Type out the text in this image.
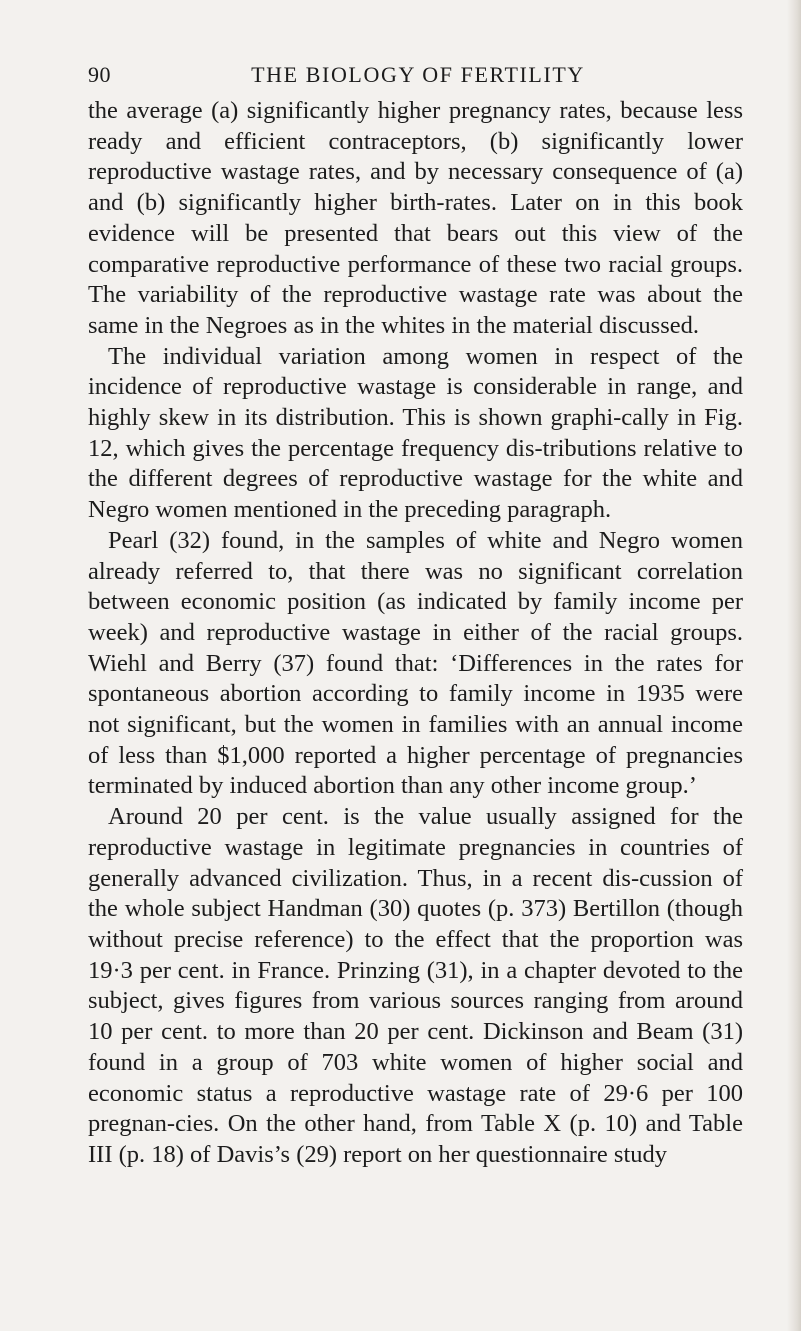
90	THE BIOLOGY OF FERTILITY

the average (a) significantly higher pregnancy rates, because less ready and efficient contraceptors, (b) significantly lower reproductive wastage rates, and by necessary consequence of (a) and (b) significantly higher birth-rates. Later on in this book evidence will be presented that bears out this view of the comparative reproductive performance of these two racial groups. The variability of the reproductive wastage rate was about the same in the Negroes as in the whites in the material discussed.

The individual variation among women in respect of the incidence of reproductive wastage is considerable in range, and highly skew in its distribution. This is shown graphi-cally in Fig. 12, which gives the percentage frequency dis-tributions relative to the different degrees of reproductive wastage for the white and Negro women mentioned in the preceding paragraph.

Pearl (32) found, in the samples of white and Negro women already referred to, that there was no significant correlation between economic position (as indicated by family income per week) and reproductive wastage in either of the racial groups. Wiehl and Berry (37) found that: ‘Differences in the rates for spontaneous abortion according to family income in 1935 were not significant, but the women in families with an annual income of less than $1,000 reported a higher percentage of pregnancies terminated by induced abortion than any other income group.’

Around 20 per cent. is the value usually assigned for the reproductive wastage in legitimate pregnancies in countries of generally advanced civilization. Thus, in a recent dis-cussion of the whole subject Handman (30) quotes (p. 373) Bertillon (though without precise reference) to the effect that the proportion was 19·3 per cent. in France. Prinzing (31), in a chapter devoted to the subject, gives figures from various sources ranging from around 10 per cent. to more than 20 per cent. Dickinson and Beam (31) found in a group of 703 white women of higher social and economic status a reproductive wastage rate of 29·6 per 100 pregnan-cies. On the other hand, from Table X (p. 10) and Table III (p. 18) of Davis’s (29) report on her questionnaire study
